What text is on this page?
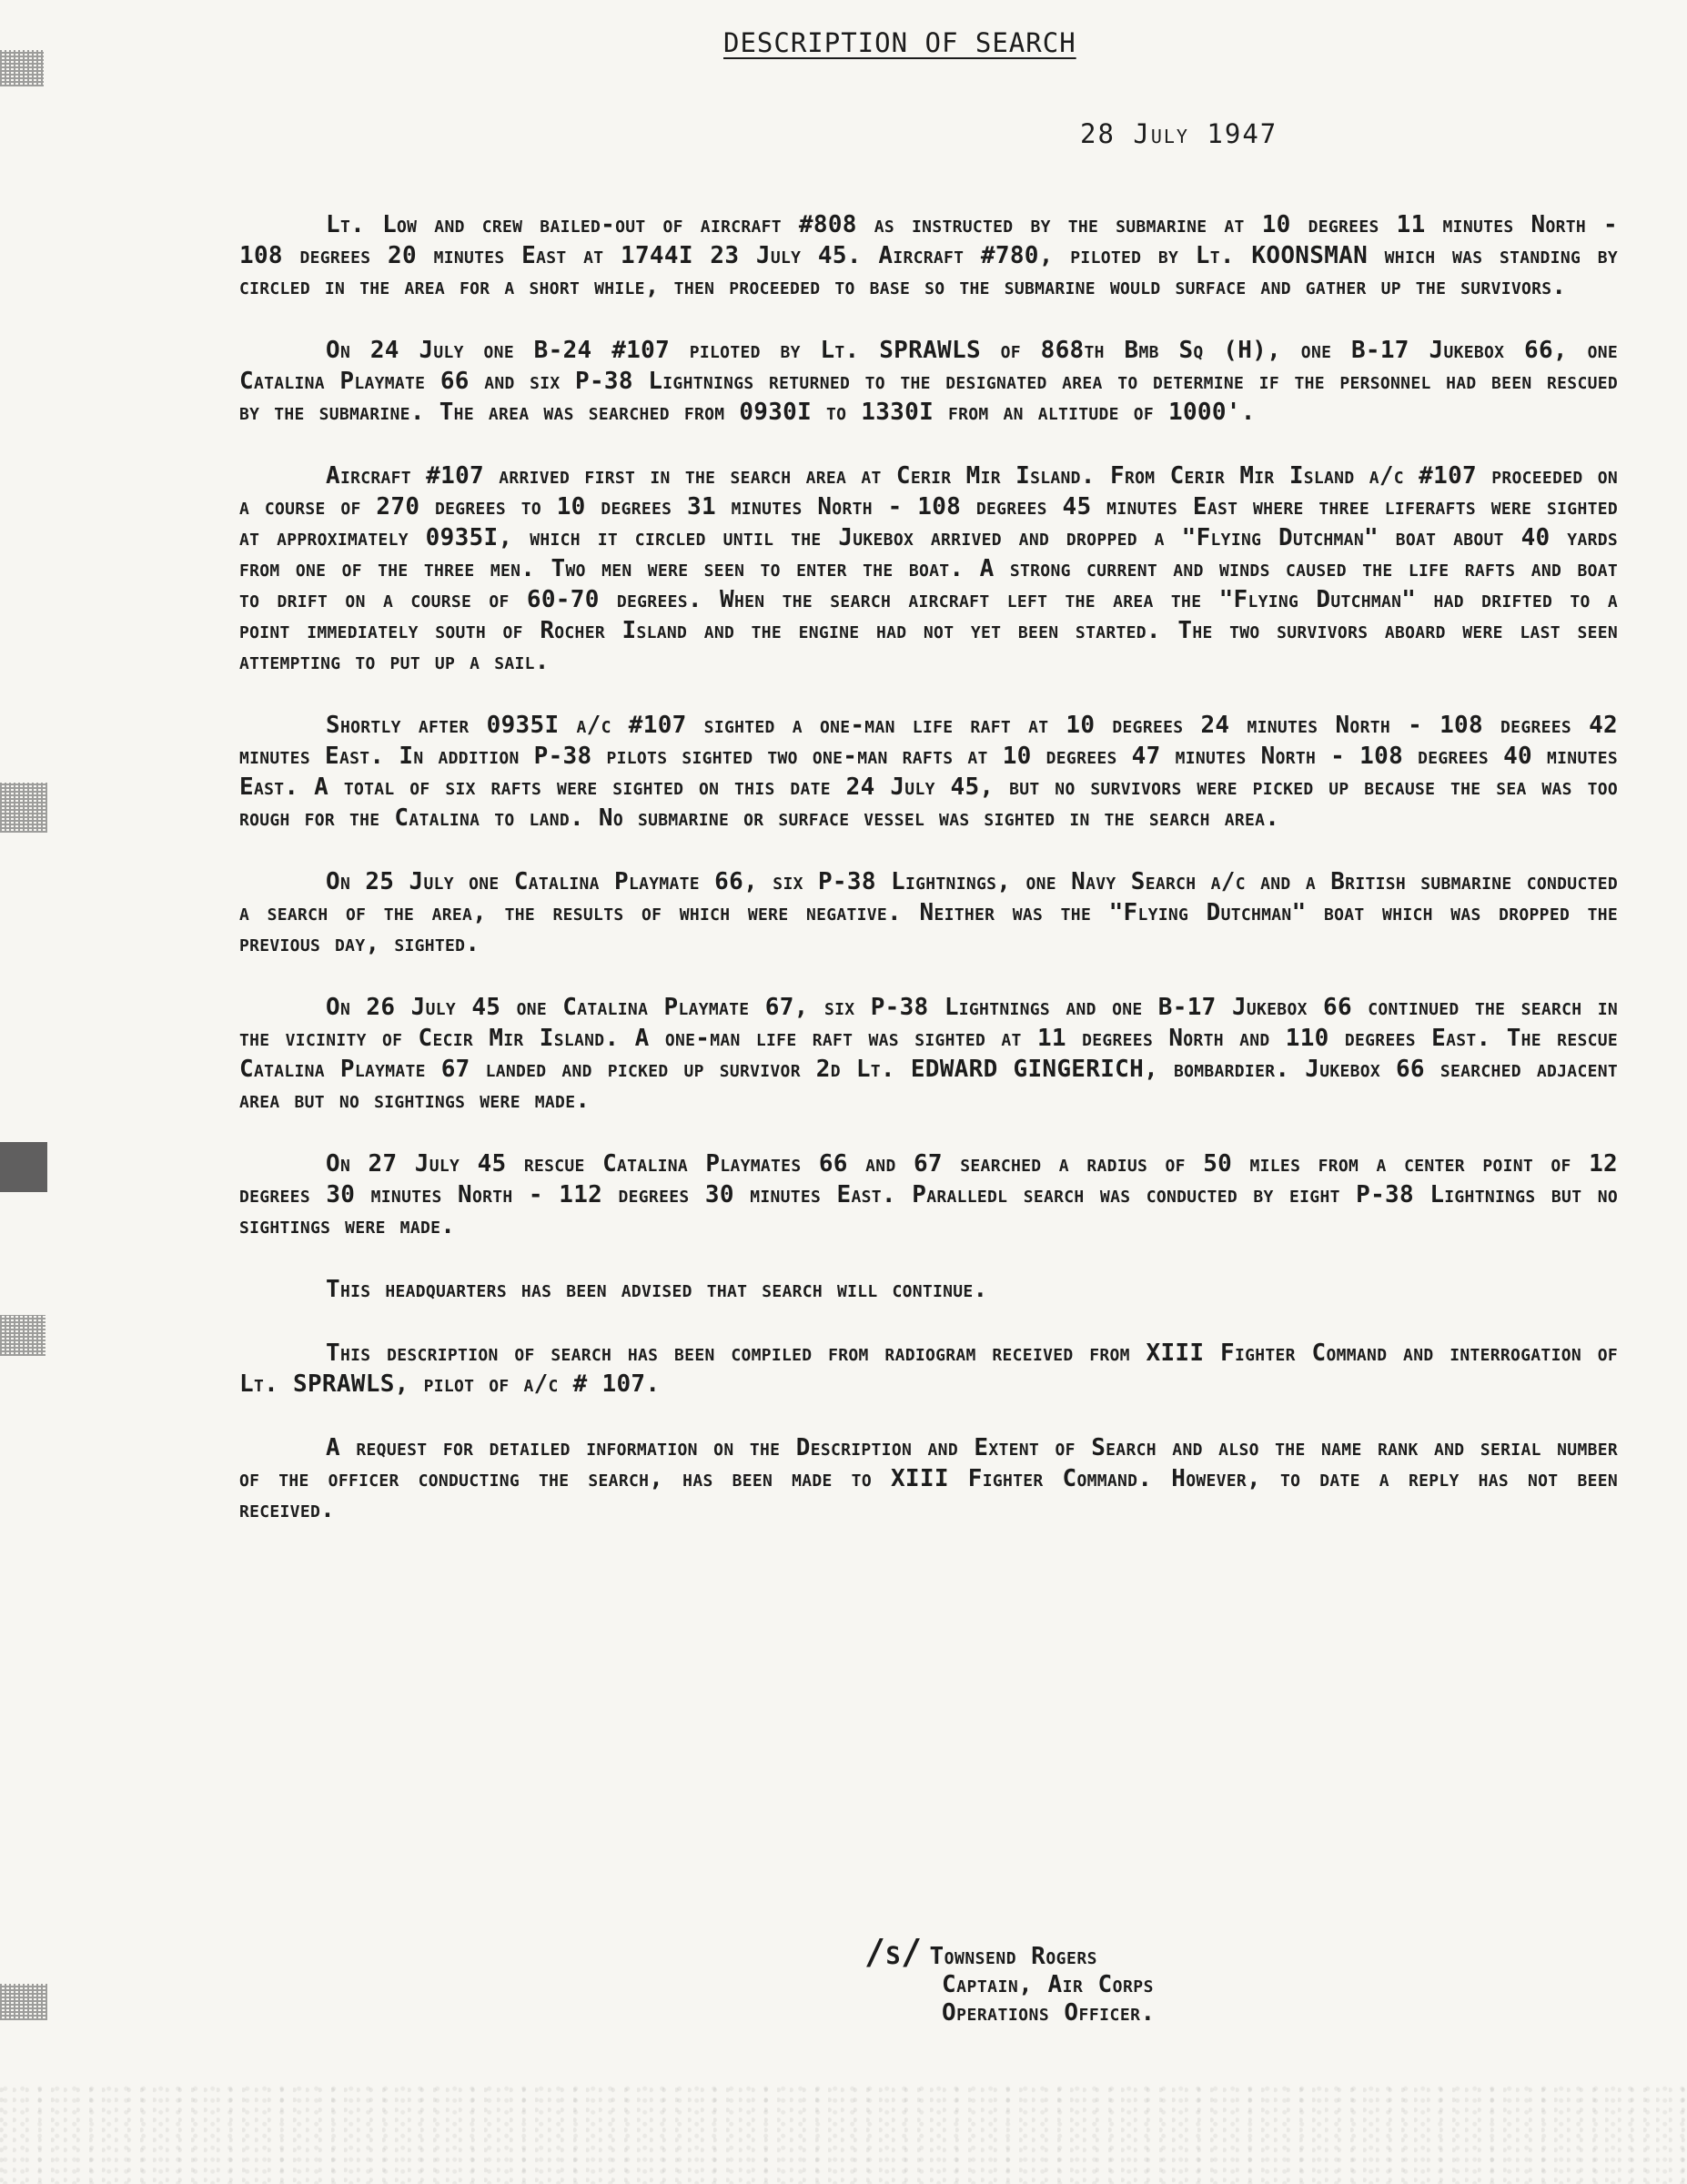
DESCRIPTION OF SEARCH
28 July 1947

Lt. Low and crew bailed-out of aircraft #808 as instructed by the submarine at 10 degrees 11 minutes North - 108 degrees 20 minutes East at 1744I 23 July 45. Aircraft #780, piloted by Lt. KOONSMAN which was standing by circled in the area for a short while, then proceeded to base so the submarine would surface and gather up the survivors.

On 24 July one B-24 #107 piloted by Lt. SPRAWLS of 868th Bmb Sq (H), one B-17 Jukebox 66, one Catalina Playmate 66 and six P-38 Lightnings returned to the designated area to determine if the personnel had been rescued by the submarine. The area was searched from 0930I to 1330I from an altitude of 1000'.

Aircraft #107 arrived first in the search area at Cerir Mir Island. From Cerir Mir Island a/c #107 proceeded on a course of 270 degrees to 10 degrees 31 minutes North - 108 degrees 45 minutes East where three liferafts were sighted at approximately 0935I, which it circled until the Jukebox arrived and dropped a "Flying Dutchman" boat about 40 yards from one of the three men. Two men were seen to enter the boat. A strong current and winds caused the life rafts and boat to drift on a course of 60-70 degrees. When the search aircraft left the area the "Flying Dutchman" had drifted to a point immediately south of Rocher Island and the engine had not yet been started. The two survivors aboard were last seen attempting to put up a sail.

Shortly after 0935I a/c #107 sighted a one-man life raft at 10 degrees 24 minutes North - 108 degrees 42 minutes East. In addition P-38 pilots sighted two one-man rafts at 10 degrees 47 minutes North - 108 degrees 40 minutes East. A total of six rafts were sighted on this date 24 July 45, but no survivors were picked up because the sea was too rough for the Catalina to land. No submarine or surface vessel was sighted in the search area.

On 25 July one Catalina Playmate 66, six P-38 Lightnings, one Navy Search a/c and a British submarine conducted a search of the area, the results of which were negative. Neither was the "Flying Dutchman" boat which was dropped the previous day, sighted.

On 26 July 45 one Catalina Playmate 67, six P-38 Lightnings and one B-17 Jukebox 66 continued the search in the vicinity of Cecir Mir Island. A one-man life raft was sighted at 11 degrees North and 110 degrees East. The rescue Catalina Playmate 67 landed and picked up survivor 2d Lt. EDWARD GINGERICH, bombardier. Jukebox 66 searched adjacent area but no sightings were made.

On 27 July 45 rescue Catalina Playmates 66 and 67 searched a radius of 50 miles from a center point of 12 degrees 30 minutes North - 112 degrees 30 minutes East. Paralledl search was conducted by eight P-38 Lightnings but no sightings were made.

This headquarters has been advised that search will continue.

This description of search has been compiled from radiogram received from XIII Fighter Command and interrogation of Lt. SPRAWLS, pilot of a/c # 107.

A request for detailed information on the Description and Extent of Search and also the name rank and serial number of the officer conducting the search, has been made to XIII Fighter Command. However, to date a reply has not been received.

/s/ Townsend Rogers
Captain, Air Corps
Operations Officer.
